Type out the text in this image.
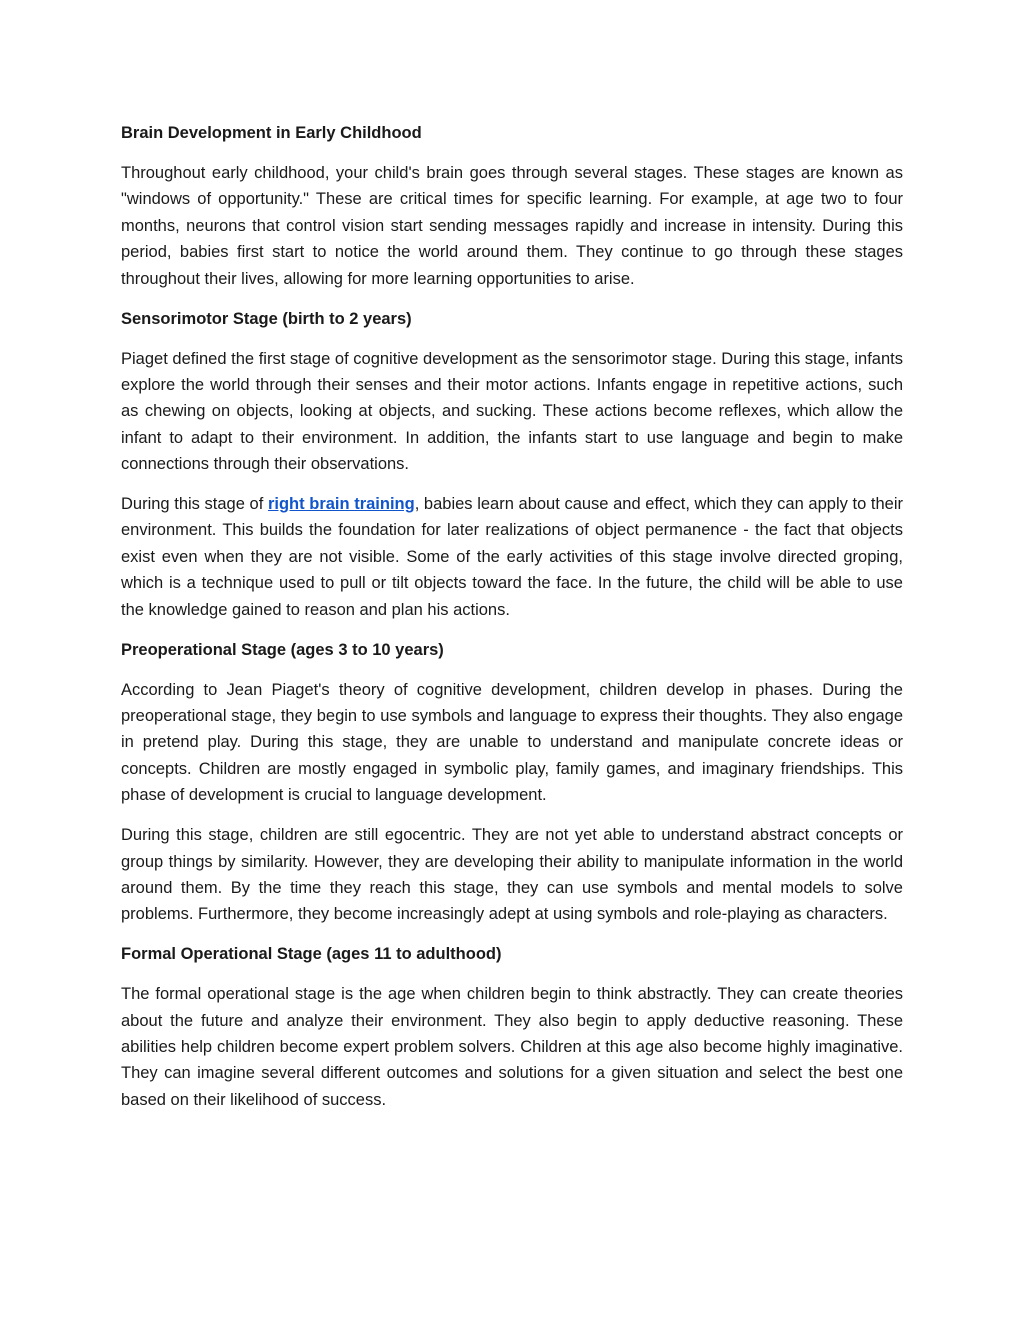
Brain Development in Early Childhood

Throughout early childhood, your child's brain goes through several stages. These stages are known as "windows of opportunity." These are critical times for specific learning. For example, at age two to four months, neurons that control vision start sending messages rapidly and increase in intensity. During this period, babies first start to notice the world around them. They continue to go through these stages throughout their lives, allowing for more learning opportunities to arise.

Sensorimotor Stage (birth to 2 years)

Piaget defined the first stage of cognitive development as the sensorimotor stage. During this stage, infants explore the world through their senses and their motor actions. Infants engage in repetitive actions, such as chewing on objects, looking at objects, and sucking. These actions become reflexes, which allow the infant to adapt to their environment. In addition, the infants start to use language and begin to make connections through their observations.

During this stage of right brain training, babies learn about cause and effect, which they can apply to their environment. This builds the foundation for later realizations of object permanence - the fact that objects exist even when they are not visible. Some of the early activities of this stage involve directed groping, which is a technique used to pull or tilt objects toward the face. In the future, the child will be able to use the knowledge gained to reason and plan his actions.

Preoperational Stage (ages 3 to 10 years)

According to Jean Piaget's theory of cognitive development, children develop in phases. During the preoperational stage, they begin to use symbols and language to express their thoughts. They also engage in pretend play. During this stage, they are unable to understand and manipulate concrete ideas or concepts. Children are mostly engaged in symbolic play, family games, and imaginary friendships. This phase of development is crucial to language development.

During this stage, children are still egocentric. They are not yet able to understand abstract concepts or group things by similarity. However, they are developing their ability to manipulate information in the world around them. By the time they reach this stage, they can use symbols and mental models to solve problems. Furthermore, they become increasingly adept at using symbols and role-playing as characters.

Formal Operational Stage (ages 11 to adulthood)

The formal operational stage is the age when children begin to think abstractly. They can create theories about the future and analyze their environment. They also begin to apply deductive reasoning. These abilities help children become expert problem solvers. Children at this age also become highly imaginative. They can imagine several different outcomes and solutions for a given situation and select the best one based on their likelihood of success.
